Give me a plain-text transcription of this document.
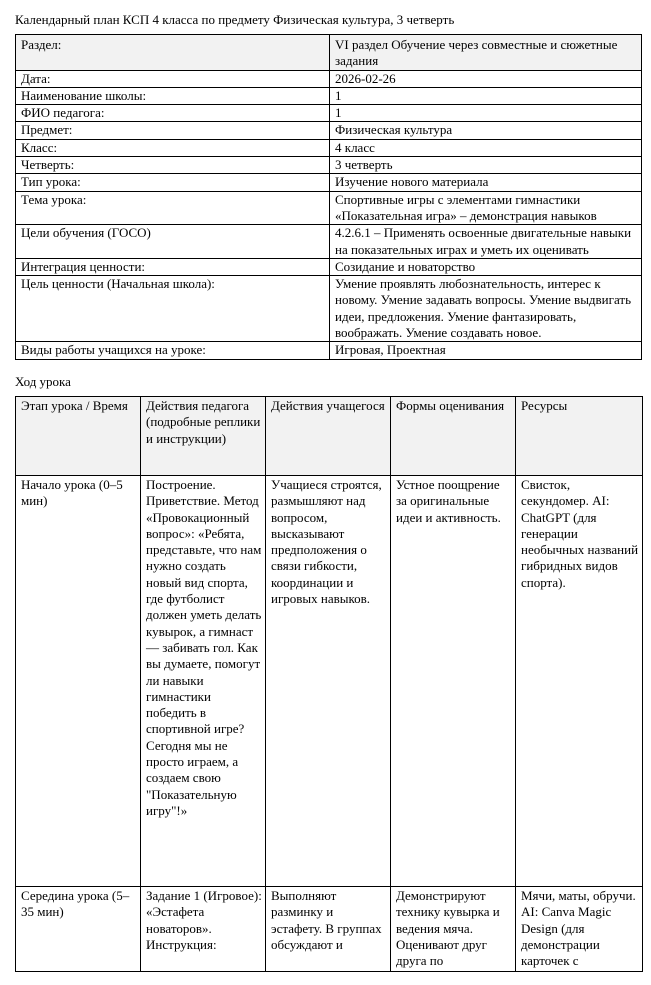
Календарный план КСП 4 класса по предмету Физическая культура, 3 четверть
Раздел:	VI раздел Обучение через совместные и сюжетные задания
Дата:	2026-02-26
Наименование школы:	1
ФИО педагога:	1
Предмет:	Физическая культура
Класс:	4 класс
Четверть:	3 четверть
Тип урока:	Изучение нового материала
Тема урока:	Спортивные игры с элементами гимнастики «Показательная игра» – демонстрация навыков
Цели обучения (ГОСО)	4.2.6.1 – Применять освоенные двигательные навыки на показательных играх и уметь их оценивать
Интеграция ценности:	Созидание и новаторство
Цель ценности (Начальная школа):	Умение проявлять любознательность, интерес к новому. Умение задавать вопросы. Умение выдвигать идеи, предложения. Умение фантазировать, воображать. Умение создавать новое.
Виды работы учащихся на уроке:	Игровая, Проектная
Ход урока
Этап урока / Время	Действия педагога (подробные реплики и инструкции)	Действия учащегося	Формы оценивания	Ресурсы
Начало урока (0–5 мин)	Построение. Приветствие. Метод «Провокационный вопрос»: «Ребята, представьте, что нам нужно создать новый вид спорта, где футболист должен уметь делать кувырок, а гимнаст — забивать гол. Как вы думаете, помогут ли навыки гимнастики победить в спортивной игре? Сегодня мы не просто играем, а создаем свою "Показательную игру"!»	Учащиеся строятся, размышляют над вопросом, высказывают предположения о связи гибкости, координации и игровых навыков.	Устное поощрение за оригинальные идеи и активность.	Свисток, секундомер. AI: ChatGPT (для генерации необычных названий гибридных видов спорта).
Середина урока (5–35 мин)	Задание 1 (Игровое): «Эстафета новаторов». Инструкция:	Выполняют разминку и эстафету. В группах обсуждают и	Демонстрируют технику кувырка и ведения мяча. Оценивают друг друга по	Мячи, маты, обручи. AI: Canva Magic Design (для демонстрации карточек с
